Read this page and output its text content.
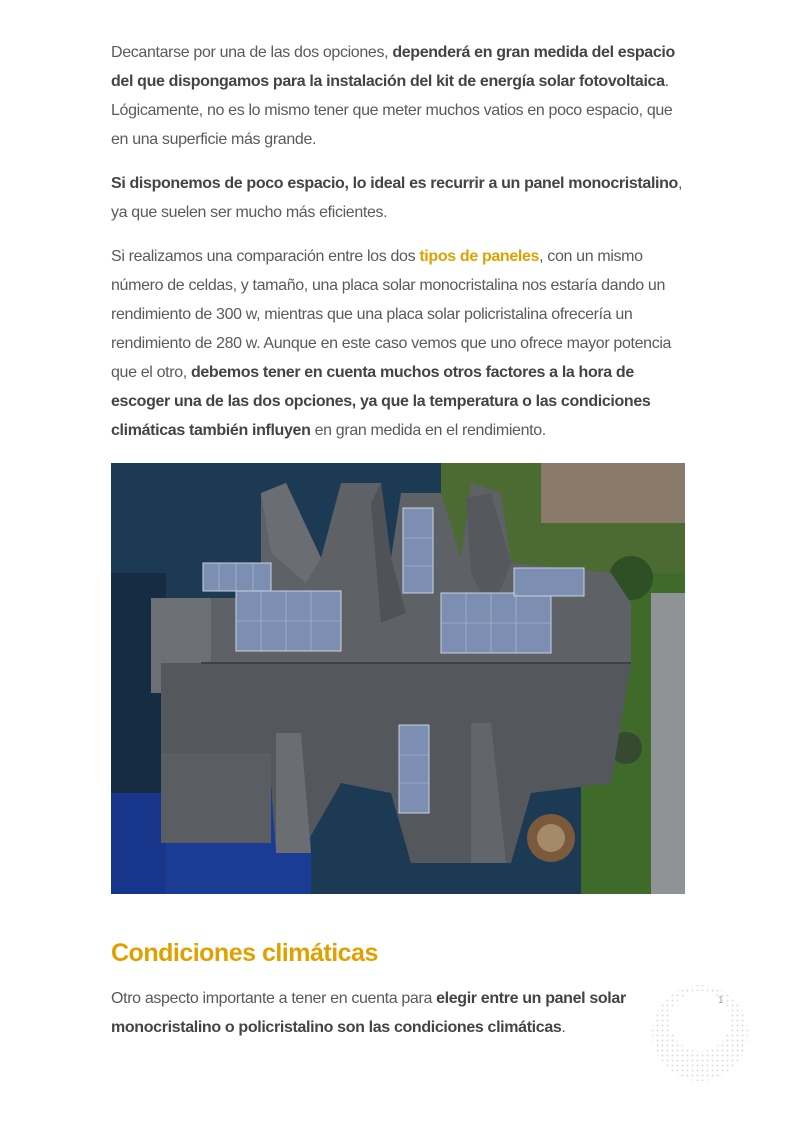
Decantarse por una de las dos opciones, dependerá en gran medida del espacio del que dispongamos para la instalación del kit de energía solar fotovoltaica. Lógicamente, no es lo mismo tener que meter muchos vatios en poco espacio, que en una superficie más grande.

Si disponemos de poco espacio, lo ideal es recurrir a un panel monocristalino, ya que suelen ser mucho más eficientes.

Si realizamos una comparación entre los dos tipos de paneles, con un mismo número de celdas, y tamaño, una placa solar monocristalina nos estaría dando un rendimiento de 300 w, mientras que una placa solar policristalina ofrecería un rendimiento de 280 w. Aunque en este caso vemos que uno ofrece mayor potencia que el otro, debemos tener en cuenta muchos otros factores a la hora de escoger una de las dos opciones, ya que la temperatura o las condiciones climáticas también influyen en gran medida en el rendimiento.

Condiciones climáticas

Otro aspecto importante a tener en cuenta para elegir entre un panel solar monocristalino o policristalino son las condiciones climáticas.

1
